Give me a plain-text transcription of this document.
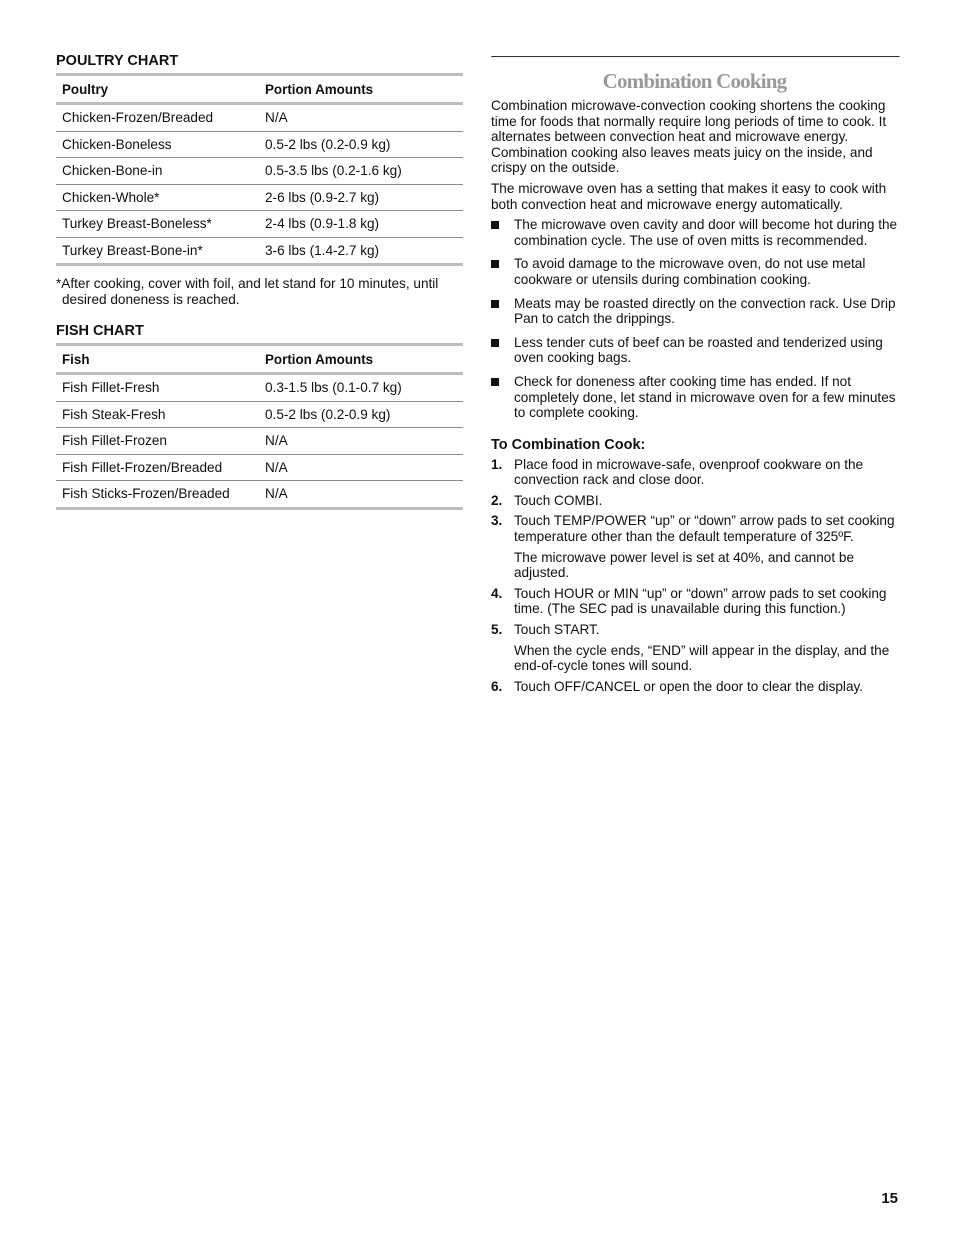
POULTRY CHART
Poultry	Portion Amounts
Chicken-Frozen/Breaded	N/A
Chicken-Boneless	0.5-2 lbs (0.2-0.9 kg)
Chicken-Bone-in	0.5-3.5 lbs (0.2-1.6 kg)
Chicken-Whole*	2-6 lbs (0.9-2.7 kg)
Turkey Breast-Boneless*	2-4 lbs (0.9-1.8 kg)
Turkey Breast-Bone-in*	3-6 lbs (1.4-2.7 kg)

*After cooking, cover with foil, and let stand for 10 minutes, until desired doneness is reached.

FISH CHART
Fish	Portion Amounts
Fish Fillet-Fresh	0.3-1.5 lbs (0.1-0.7 kg)
Fish Steak-Fresh	0.5-2 lbs (0.2-0.9 kg)
Fish Fillet-Frozen	N/A
Fish Fillet-Frozen/Breaded	N/A
Fish Sticks-Frozen/Breaded	N/A
Combination Cooking

Combination microwave-convection cooking shortens the cooking time for foods that normally require long periods of time to cook. It alternates between convection heat and microwave energy. Combination cooking also leaves meats juicy on the inside, and crispy on the outside.

The microwave oven has a setting that makes it easy to cook with both convection heat and microwave energy automatically.

The microwave oven cavity and door will become hot during the combination cycle. The use of oven mitts is recommended.
To avoid damage to the microwave oven, do not use metal cookware or utensils during combination cooking.
Meats may be roasted directly on the convection rack. Use Drip Pan to catch the drippings.
Less tender cuts of beef can be roasted and tenderized using oven cooking bags.
Check for doneness after cooking time has ended. If not completely done, let stand in microwave oven for a few minutes to complete cooking.
To Combination Cook:
1. Place food in microwave-safe, ovenproof cookware on the convection rack and close door.
2. Touch COMBI.
3. Touch TEMP/POWER “up” or “down” arrow pads to set cooking temperature other than the default temperature of 325ºF.
The microwave power level is set at 40%, and cannot be adjusted.
4. Touch HOUR or MIN “up” or “down” arrow pads to set cooking time. (The SEC pad is unavailable during this function.)
5. Touch START.
When the cycle ends, “END” will appear in the display, and the end-of-cycle tones will sound.
6. Touch OFF/CANCEL or open the door to clear the display.
15
